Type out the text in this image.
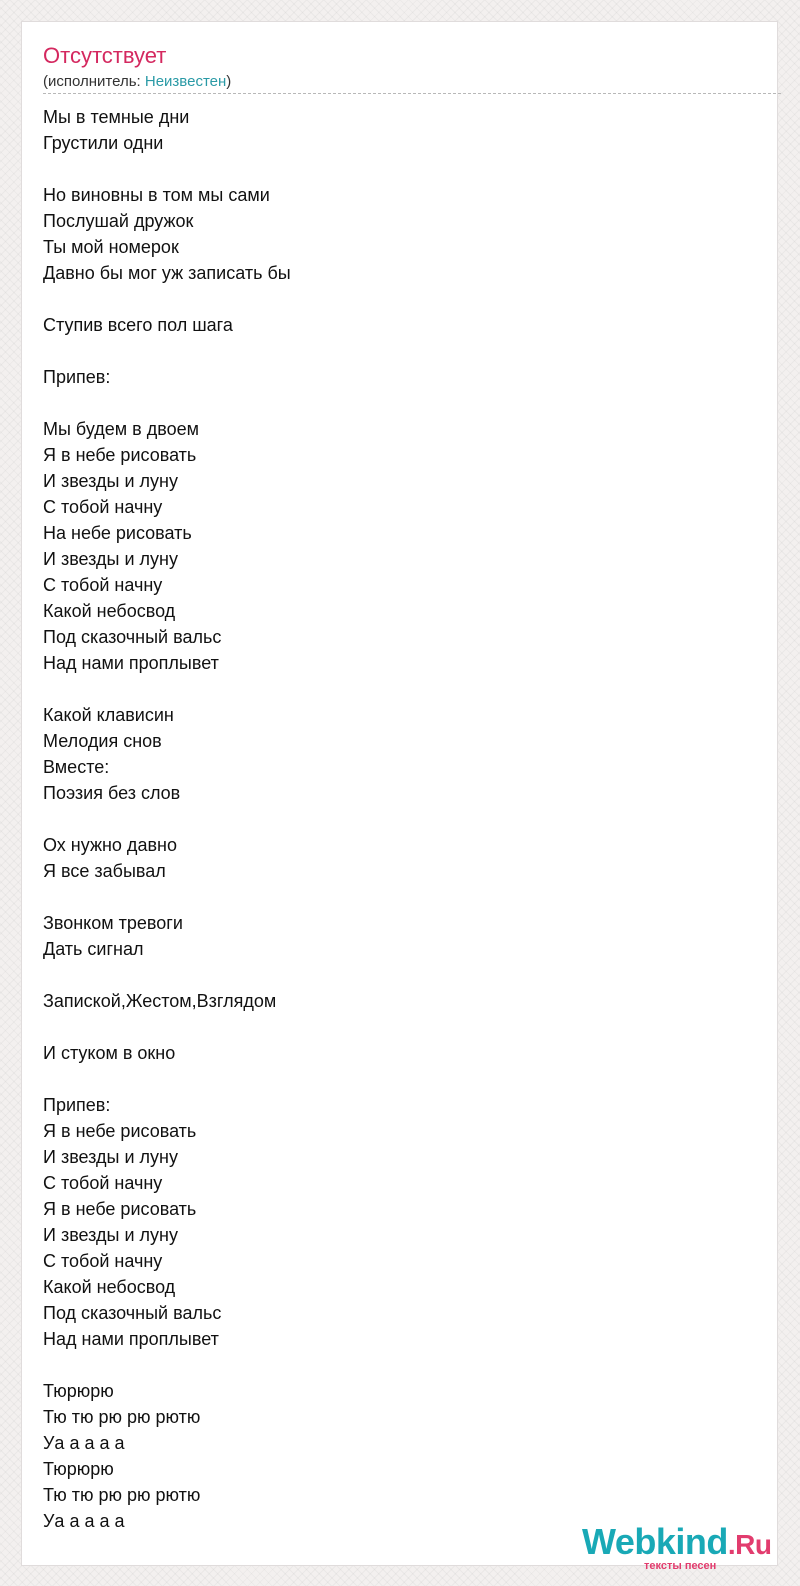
Отсутствует
(исполнитель: Неизвестен)
Мы в темные дни
Грустили одни
Но виновны в том мы сами
Послушай дружок
Ты мой номерок
Давно бы мог уж записать бы
Ступив всего пол шага
Припев:
Мы будем в двоем
Я в небе рисовать
И звезды и луну
С тобой начну
На небе рисовать
И звезды и луну
С тобой начну
Какой небосвод
Под сказочный вальс
Над нами проплывет
Какой клависин
Мелодия снов
Вместе:
Поэзия без слов
Ох нужно давно
Я все забывал
Звонком тревоги
Дать сигнал
Запиской,Жестом,Взглядом
И стуком в окно
Припев:
Я в небе рисовать
И звезды и луну
С тобой начну
Я в небе рисовать
И звезды и луну
С тобой начну
Какой небосвод
Под сказочный вальс
Над нами проплывет
Тюрюрю
Тю тю рю рю рютю
Уа а а а а
Тюрюрю
Тю тю рю рю рютю
Уа а а а а	Webkind.Ru
тексты песен
